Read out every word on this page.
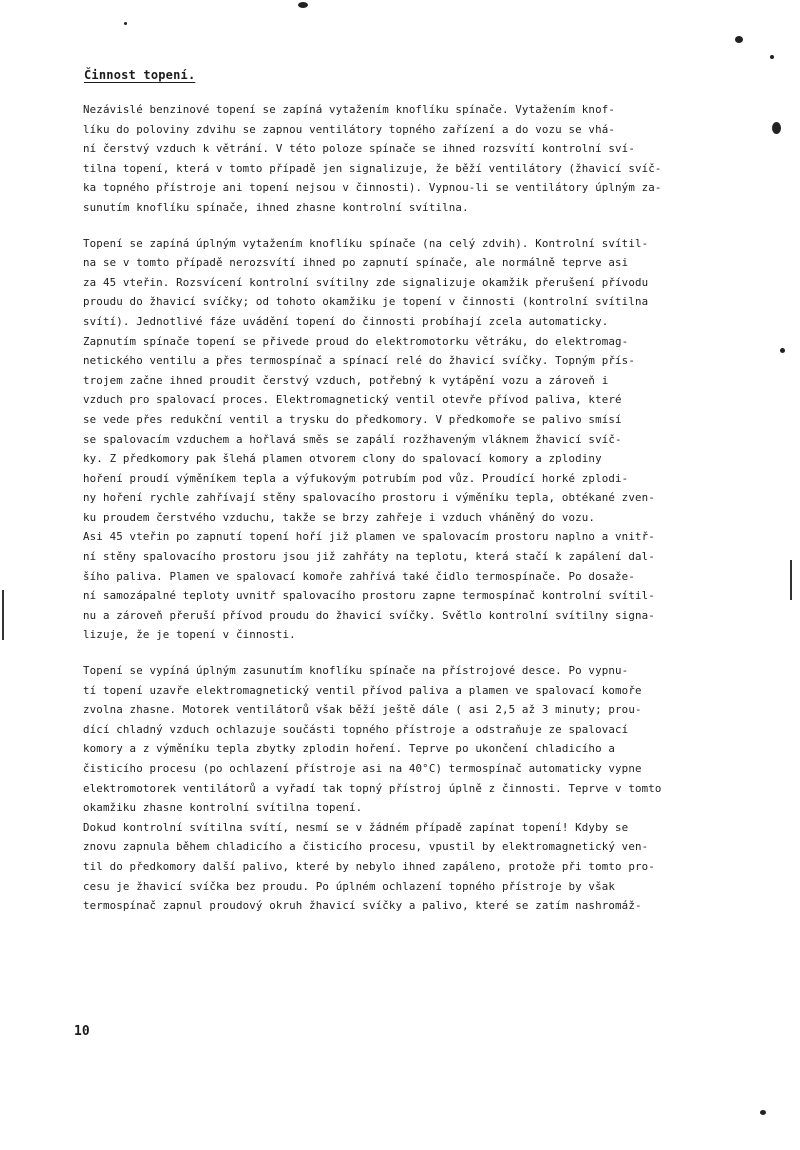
Činnost topení.
Nezávislé benzinové topení se zapíná vytažením knoflíku spínače. Vytažením knof-
líku do poloviny zdvihu se zapnou ventilátory topného zařízení a do vozu se vhá-
ní čerstvý vzduch k větrání. V této poloze spínače se ihned rozsvítí kontrolní sví-
tilna topení, která v tomto případě jen signalizuje, že běží ventilátory (žhavicí svíč-
ka topného přístroje ani topení nejsou v činnosti). Vypnou-li se ventilátory úplným za-
sunutím knoflíku spínače, ihned zhasne kontrolní svítilna.
Topení se zapíná úplným vytažením knoflíku spínače (na celý zdvih). Kontrolní svítil-
na se v tomto případě nerozsvítí ihned po zapnutí spínače, ale normálně teprve asi
za 45 vteřin. Rozsvícení kontrolní svítilny zde signalizuje okamžik přerušení přívodu
proudu do žhavicí svíčky; od tohoto okamžiku je topení v činnosti (kontrolní svítilna
svítí). Jednotlivé fáze uvádění topení do činnosti probíhají zcela automaticky.
Zapnutím spínače topení se přivede proud do elektromotorku větráku, do elektromag-
netického ventilu a přes termospínač a spínací relé do žhavicí svíčky. Topným přís-
trojem začne ihned proudit čerstvý vzduch, potřebný k vytápění vozu a zároveň i
vzduch pro spalovací proces. Elektromagnetický ventil otevře přívod paliva, které
se vede přes redukční ventil a trysku do předkomory. V předkomoře se palivo smísí
se spalovacím vzduchem a hořlavá směs se zapálí rozžhaveným vláknem žhavicí svíč-
ky. Z předkomory pak šlehá plamen otvorem clony do spalovací komory a zplodiny
hoření proudí výměníkem tepla a výfukovým potrubím pod vůz. Proudící horké zplodi-
ny hoření rychle zahřívají stěny spalovacího prostoru i výměníku tepla, obtékané zven-
ku proudem čerstvého vzduchu, takže se brzy zahřeje i vzduch vháněný do vozu.
Asi 45 vteřin po zapnutí topení hoří již plamen ve spalovacím prostoru naplno a vnitř-
ní stěny spalovacího prostoru jsou již zahřáty na teplotu, která stačí k zapálení dal-
šího paliva. Plamen ve spalovací komoře zahřívá také čidlo termospínače. Po dosaže-
ní samozápalné teploty uvnitř spalovacího prostoru zapne termospínač kontrolní svítil-
nu a zároveň přeruší přívod proudu do žhavicí svíčky. Světlo kontrolní svítilny signa-
lizuje, že je topení v činnosti.
Topení se vypíná úplným zasunutím knoflíku spínače na přístrojové desce. Po vypnu-
tí topení uzavře elektromagnetický ventil přívod paliva a plamen ve spalovací komoře
zvolna zhasne. Motorek ventilátorů však běží ještě dále ( asi 2,5 až 3 minuty; prou-
dící chladný vzduch ochlazuje součásti topného přístroje a odstraňuje ze spalovací
komory a z výměníku tepla zbytky zplodin hoření. Teprve po ukončení chladicího a
čisticího procesu (po ochlazení přístroje asi na 40°C) termospínač automaticky vypne
elektromotorek ventilátorů a vyřadí tak topný přístroj úplně z činnosti. Teprve v tomto
okamžiku zhasne kontrolní svítilna topení.
Dokud kontrolní svítilna svítí, nesmí se v žádném případě zapínat topení! Kdyby se
znovu zapnula během chladicího a čisticího procesu, vpustil by elektromagnetický ven-
til do předkomory další palivo, které by nebylo ihned zapáleno, protože při tomto pro-
cesu je žhavicí svíčka bez proudu. Po úplném ochlazení topného přístroje by však
termospínač zapnul proudový okruh žhavicí svíčky a palivo, které se zatím nashromáž-

10
